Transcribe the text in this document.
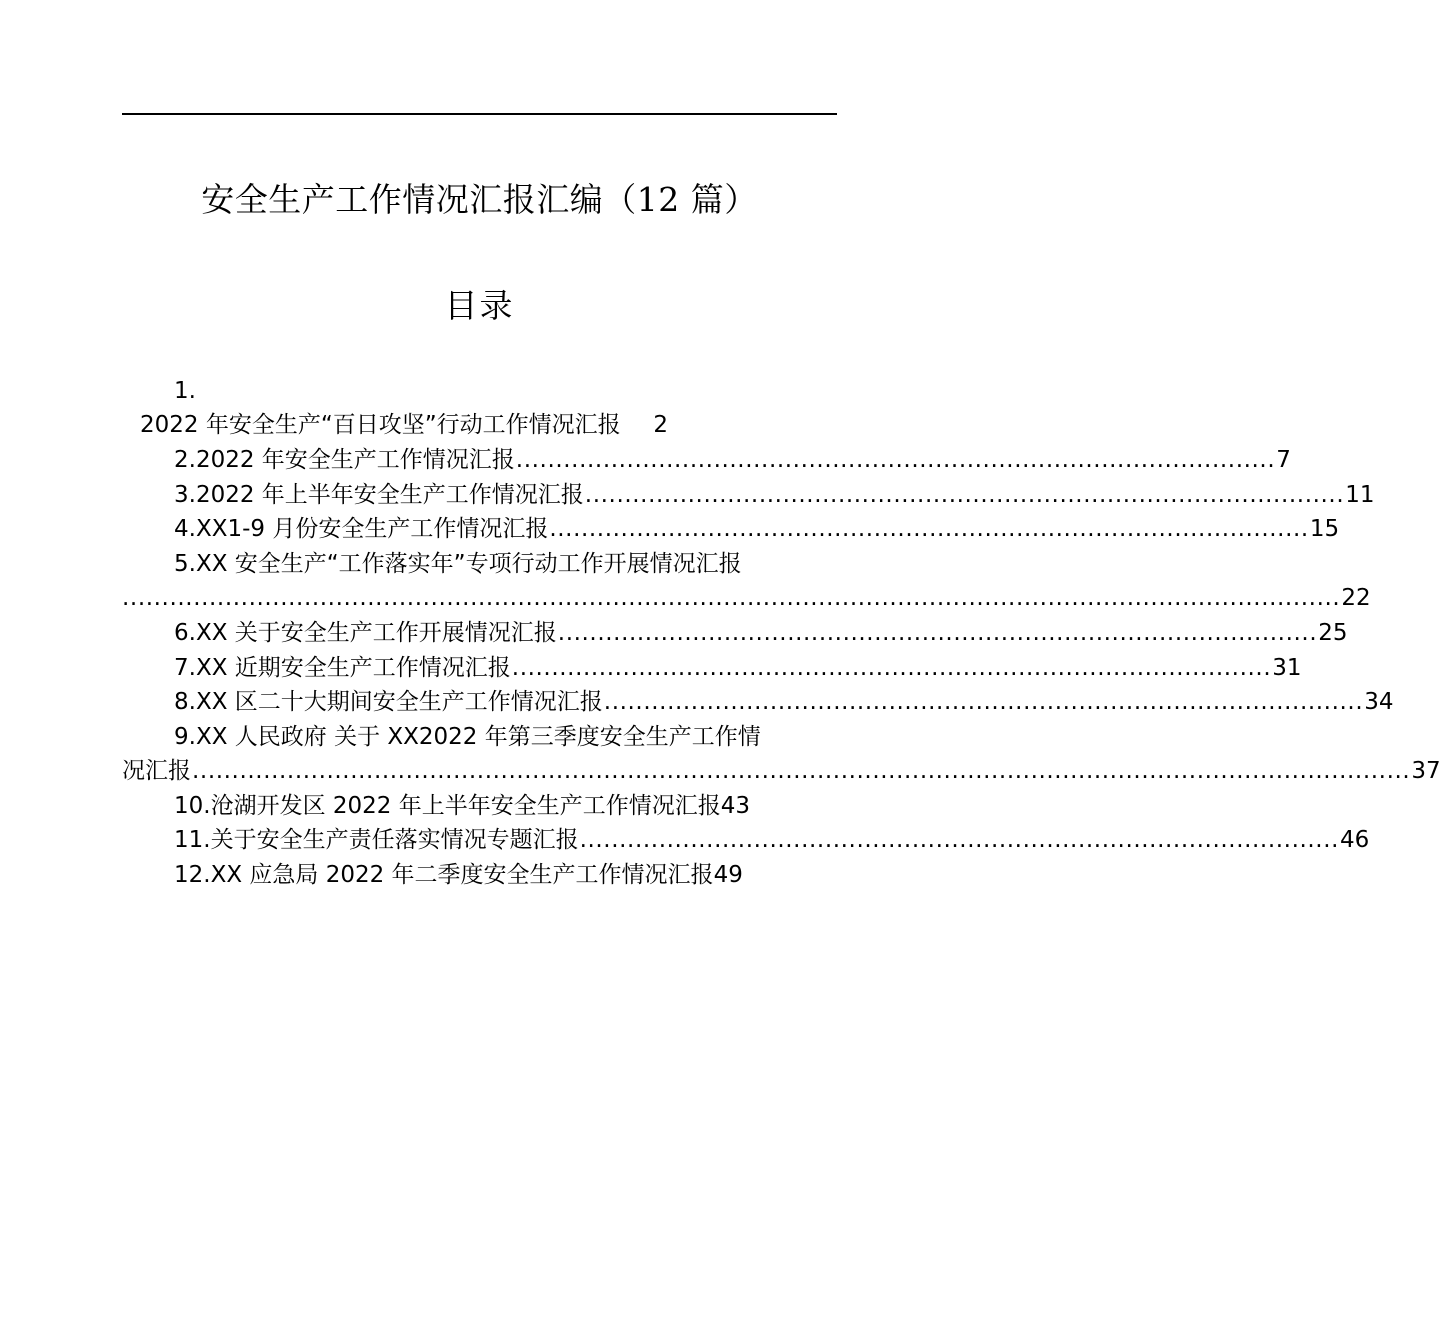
安全生产工作情况汇报汇编（12 篇）
目录
1.
2022 年安全生产“百日攻坚”行动工作情况汇报 2
2.2022 年安全生产工作情况汇报 ................................................................................................ 7
3.2022 年上半年安全生产工作情况汇报 ................................................................................................ 11
4.XX1-9 月份安全生产工作情况汇报 ................................................................................................ 15
5.XX 安全生产“工作落实年”专项行动工作开展情况汇报
.......................................................................................................................................................... 22
6.XX 关于安全生产工作开展情况汇报 ................................................................................................ 25
7.XX 近期安全生产工作情况汇报 ................................................................................................ 31
8.XX 区二十大期间安全生产工作情况汇报 ................................................................................................ 34
9.XX 人民政府 关于 XX2022 年第三季度安全生产工作情
况汇报 .......................................................................................................................................................... 37
10.沧湖开发区 2022 年上半年安全生产工作情况汇报 43
11.关于安全生产责任落实情况专题汇报 ................................................................................................ 46
12.XX 应急局 2022 年二季度安全生产工作情况汇报 49
